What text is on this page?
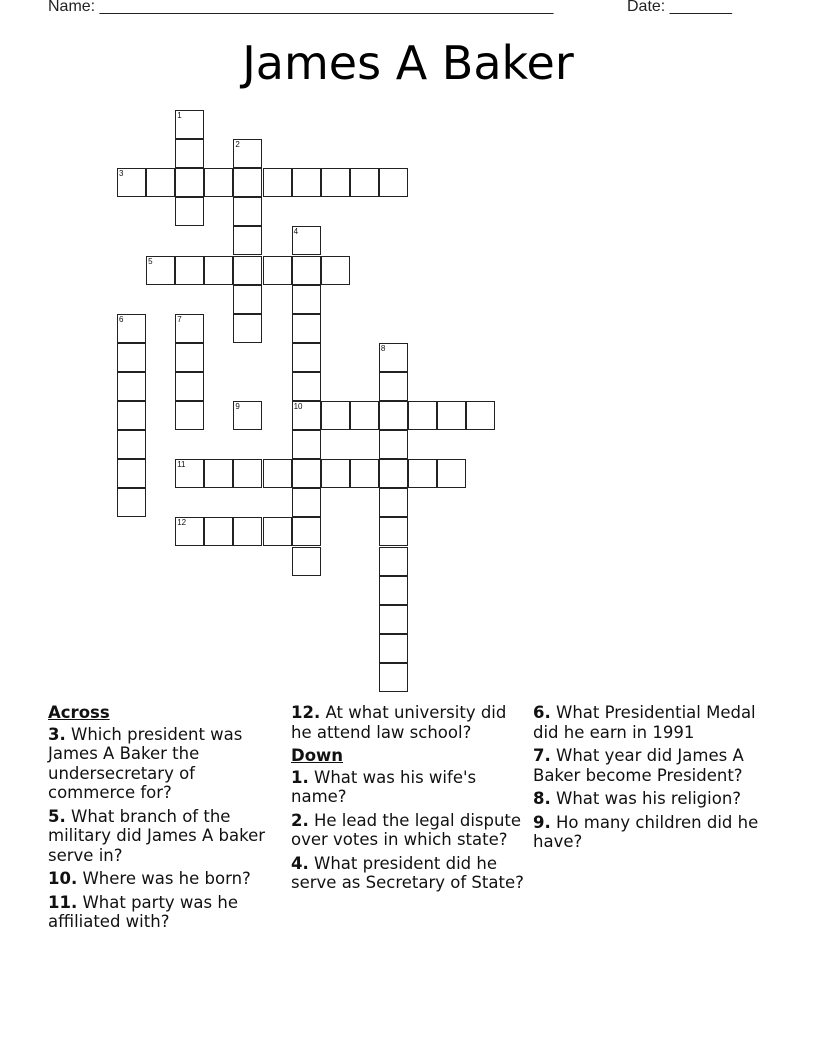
Name: ___________________________________________________	Date: _______
James A Baker
1
2
3
4
10
5
6	7
8
9
11
12
Across
3. Which president was James A Baker the undersecretary of commerce for?
5. What branch of the military did James A baker serve in?
10. Where was he born?
11. What party was he affiliated with?
12. At what university did he attend law school?
Down
1. What was his wife's name?
2. He lead the legal dispute over votes in which state?
4. What president did he serve as Secretary of State?
6. What Presidential Medal did he earn in 1991
7. What year did James A Baker become President?
8. What was his religion?
9. Ho many children did he have?
